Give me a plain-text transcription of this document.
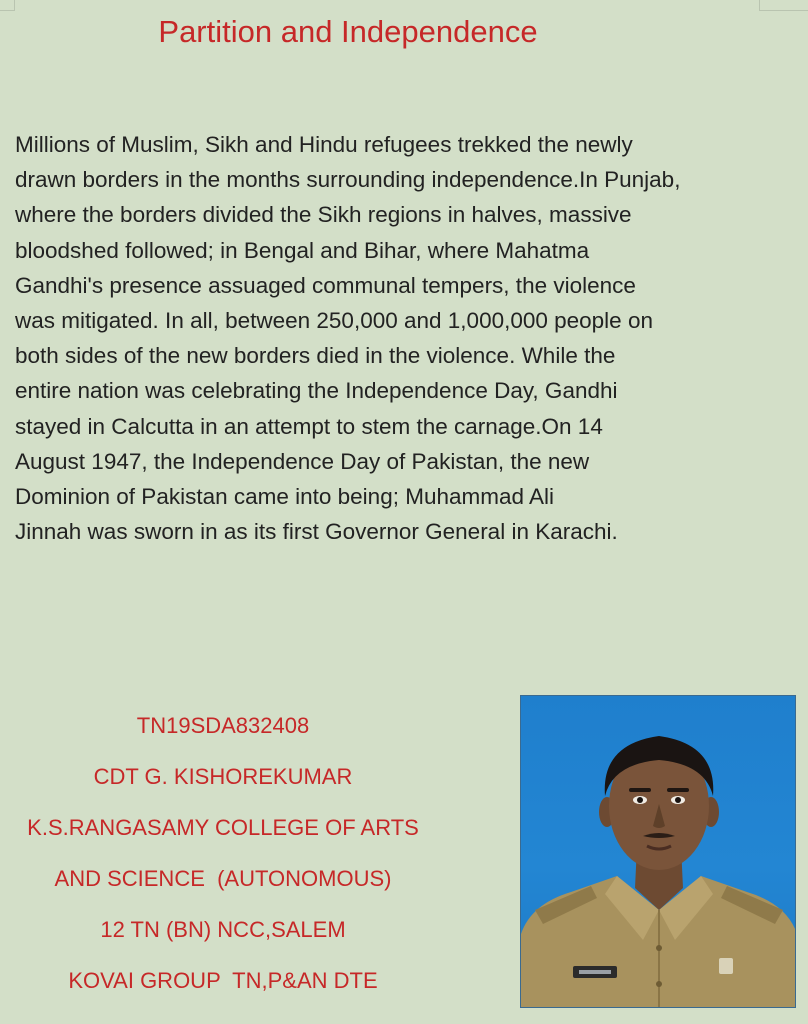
Partition and Independence
Millions of Muslim, Sikh and Hindu refugees trekked the newly
drawn borders in the months surrounding independence.In Punjab,
where the borders divided the Sikh regions in halves, massive
bloodshed followed; in Bengal and Bihar, where Mahatma
Gandhi's presence assuaged communal tempers, the violence
was mitigated. In all, between 250,000 and 1,000,000 people on
both sides of the new borders died in the violence. While the
entire nation was celebrating the Independence Day, Gandhi
stayed in Calcutta in an attempt to stem the carnage.On 14
August 1947, the Independence Day of Pakistan, the new
Dominion of Pakistan came into being; Muhammad Ali
Jinnah was sworn in as its first Governor General in Karachi.
TN19SDA832408
CDT G. KISHOREKUMAR
K.S.RANGASAMY COLLEGE OF ARTS
AND SCIENCE  (AUTONOMOUS)
12 TN (BN) NCC,SALEM
KOVAI GROUP  TN,P&AN DTE
